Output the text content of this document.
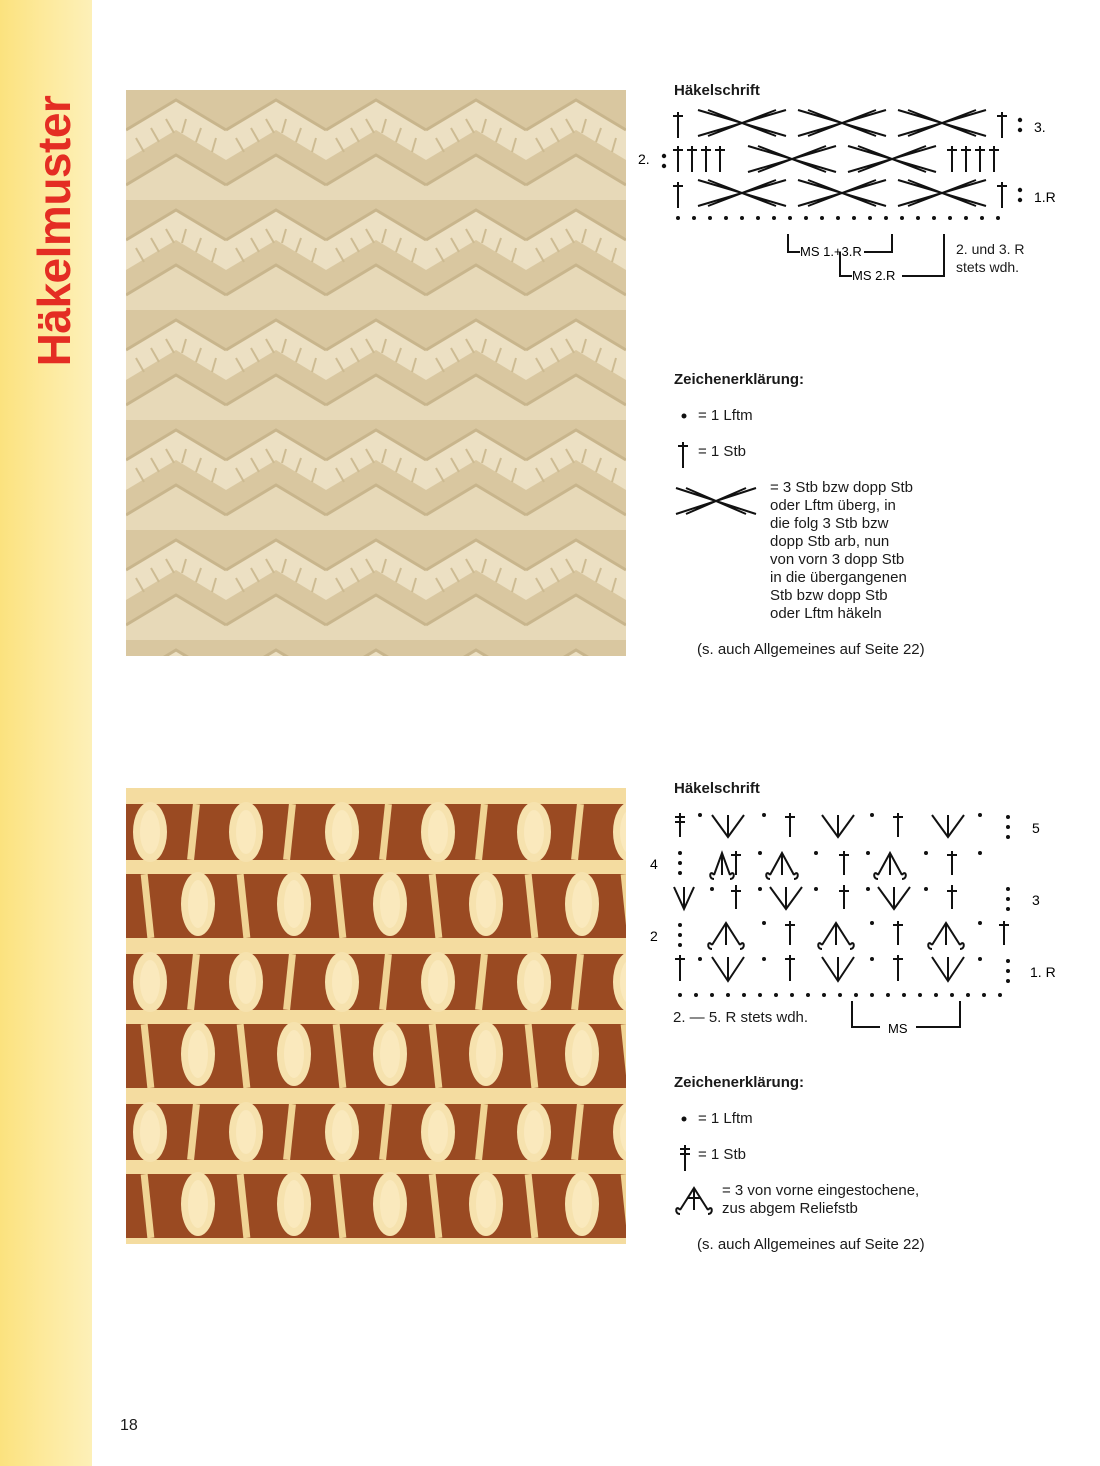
Häkelmuster
Häkelschrift
3.
2.
1.R
MS 1.+3.R
MS 2.R
2. und 3. R
stets wdh.
Zeichenerklärung:
= 1 Lftm
= 1 Stb
= 3 Stb bzw dopp Stb
oder Lftm überg, in
die folg 3 Stb bzw
dopp Stb arb, nun
von vorn 3 dopp Stb
in die übergangenen
Stb bzw dopp Stb
oder Lftm häkeln
(s. auch Allgemeines auf Seite 22)
Häkelschrift
5
4
3
2
1. R
MS
2. — 5. R stets wdh.
Zeichenerklärung:
= 1 Lftm
= 1 Stb
= 3 von vorne eingestochene,
zus abgem Reliefstb
(s. auch Allgemeines auf Seite 22)
18
